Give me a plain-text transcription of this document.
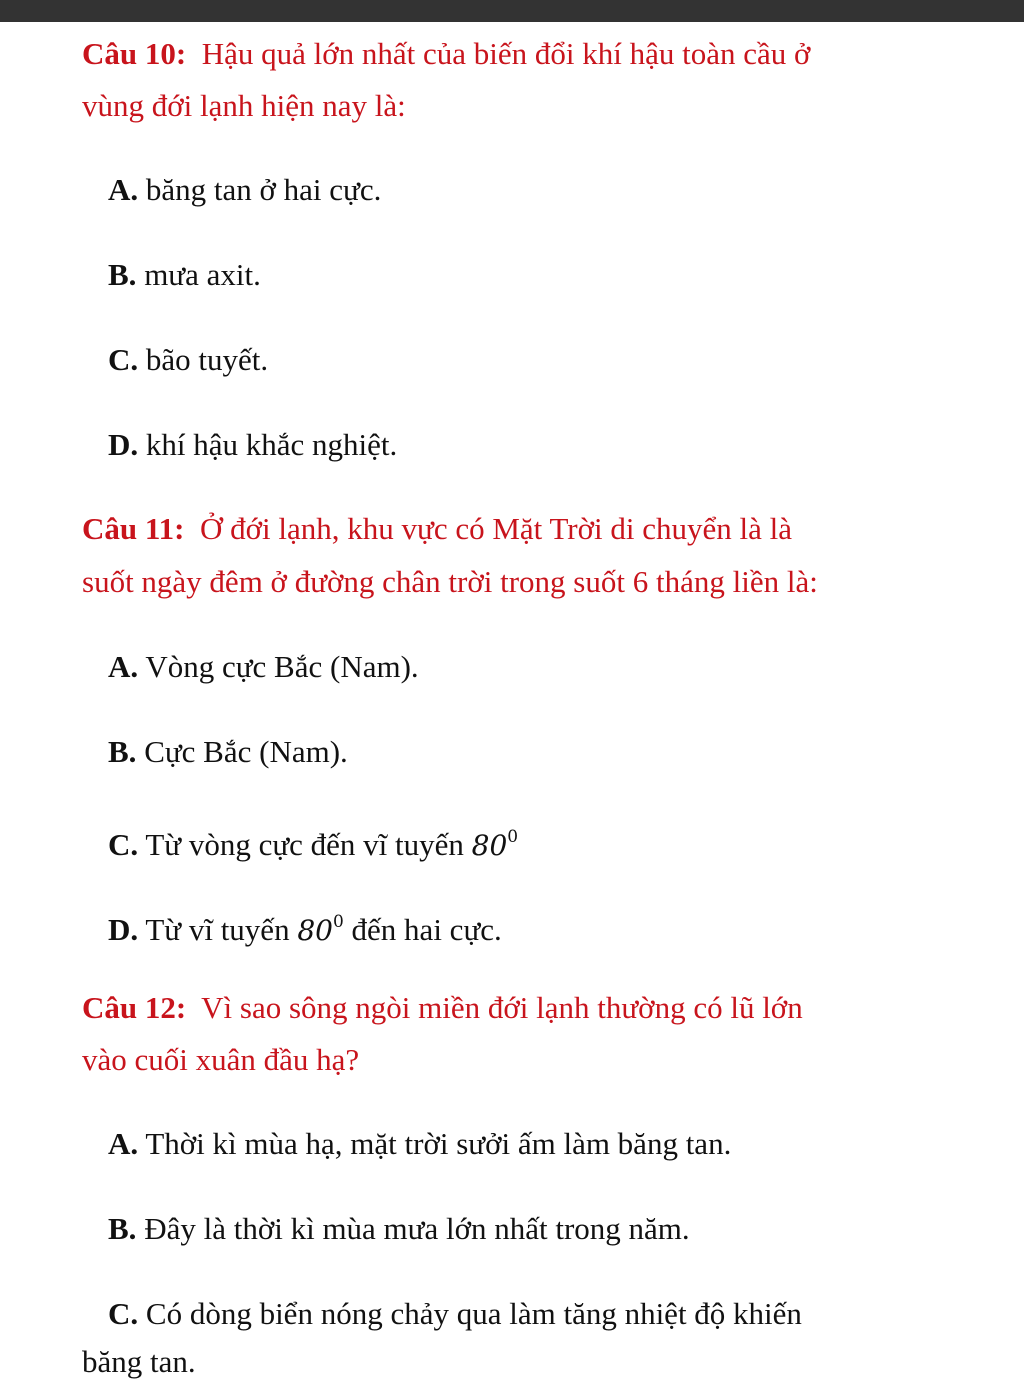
Câu 10: Hậu quả lớn nhất của biến đổi khí hậu toàn cầu ở
vùng đới lạnh hiện nay là:
A. băng tan ở hai cực.
B. mưa axit.
C. bão tuyết.
D. khí hậu khắc nghiệt.
Câu 11: Ở đới lạnh, khu vực có Mặt Trời di chuyển là là
suốt ngày đêm ở đường chân trời trong suốt 6 tháng liền là:
A. Vòng cực Bắc (Nam).
B. Cực Bắc (Nam).
C. Từ vòng cực đến vĩ tuyến $80^0$
D. Từ vĩ tuyến $80^0$ đến hai cực.
Câu 12: Vì sao sông ngòi miền đới lạnh thường có lũ lớn
vào cuối xuân đầu hạ?
A. Thời kì mùa hạ, mặt trời sưởi ấm làm băng tan.
B. Đây là thời kì mùa mưa lớn nhất trong năm.
C. Có dòng biển nóng chảy qua làm tăng nhiệt độ khiến
băng tan.
